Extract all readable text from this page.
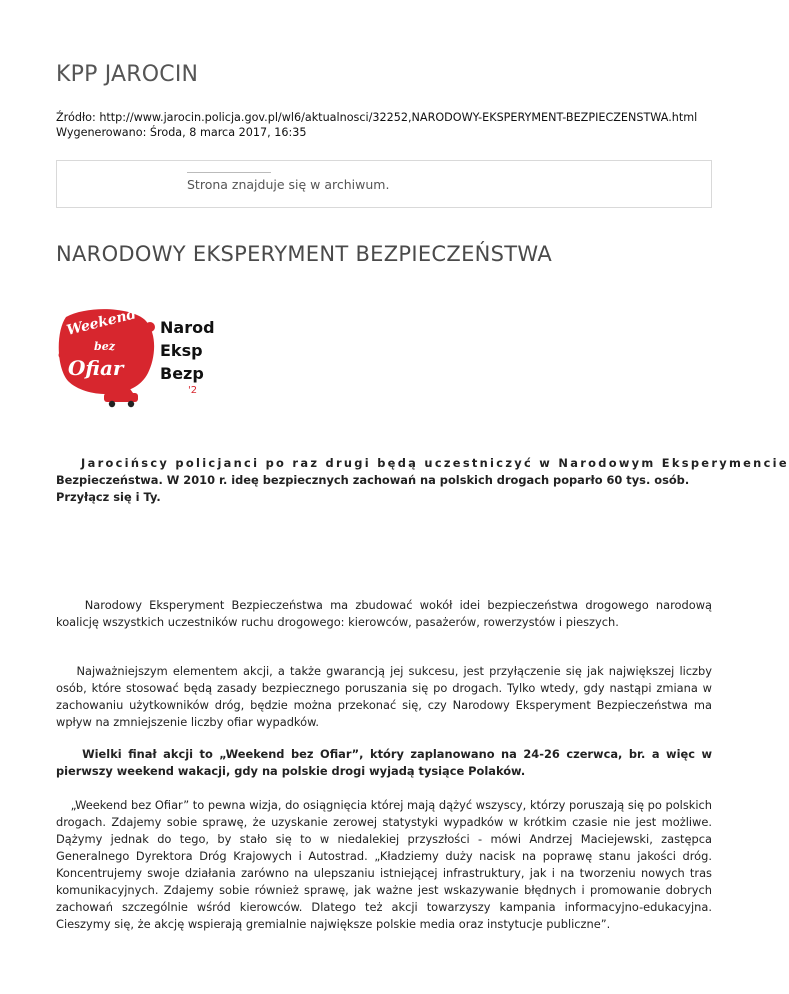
KPP JAROCIN
Źródło: http://www.jarocin.policja.gov.pl/wl6/aktualnosci/32252,NARODOWY-EKSPERYMENT-BEZPIECZENSTWA.html
Wygenerowano: Środa, 8 marca 2017, 16:35
Strona znajduje się w archiwum.
NARODOWY EKSPERYMENT BEZPIECZEŃSTWA
Weekend
bez
Ofiar
Narod
Eksp
Bezp
'2
Jarocińscy policjanci po raz drugi będą uczestniczyć w Narodowym Eksperymencie
Bezpieczeństwa. W 2010 r. ideę bezpiecznych zachowań na polskich drogach poparło 60 tys. osób. Przyłącz się i Ty.
Narodowy Eksperyment Bezpieczeństwa ma zbudować wokół idei bezpieczeństwa drogowego narodową koalicję wszystkich uczestników ruchu drogowego: kierowców, pasażerów, rowerzystów i pieszych.
Najważniejszym elementem akcji, a także gwarancją jej sukcesu, jest przyłączenie się jak największej liczby osób, które stosować będą zasady bezpiecznego poruszania się po drogach. Tylko wtedy, gdy nastąpi zmiana w zachowaniu użytkowników dróg, będzie można przekonać się, czy Narodowy Eksperyment Bezpieczeństwa ma wpływ na zmniejszenie liczby ofiar wypadków.
Wielki finał akcji to „Weekend bez Ofiar”, który zaplanowano na 24-26 czerwca, br. a więc w pierwszy weekend wakacji, gdy na polskie drogi wyjadą tysiące Polaków.
„Weekend bez Ofiar” to pewna wizja, do osiągnięcia której mają dążyć wszyscy, którzy poruszają się po polskich drogach. Zdajemy sobie sprawę, że uzyskanie zerowej statystyki wypadków w krótkim czasie nie jest możliwe. Dążymy jednak do tego, by stało się to w niedalekiej przyszłości - mówi Andrzej Maciejewski, zastępca Generalnego Dyrektora Dróg Krajowych i Autostrad. „Kładziemy duży nacisk na poprawę stanu jakości dróg. Koncentrujemy swoje działania zarówno na ulepszaniu istniejącej infrastruktury, jak i na tworzeniu nowych tras komunikacyjnych. Zdajemy sobie również sprawę, jak ważne jest wskazywanie błędnych i promowanie dobrych zachowań szczególnie wśród kierowców. Dlatego też akcji towarzyszy kampania informacyjno-edukacyjna. Cieszymy się, że akcję wspierają gremialnie największe polskie media oraz instytucje publiczne”.
